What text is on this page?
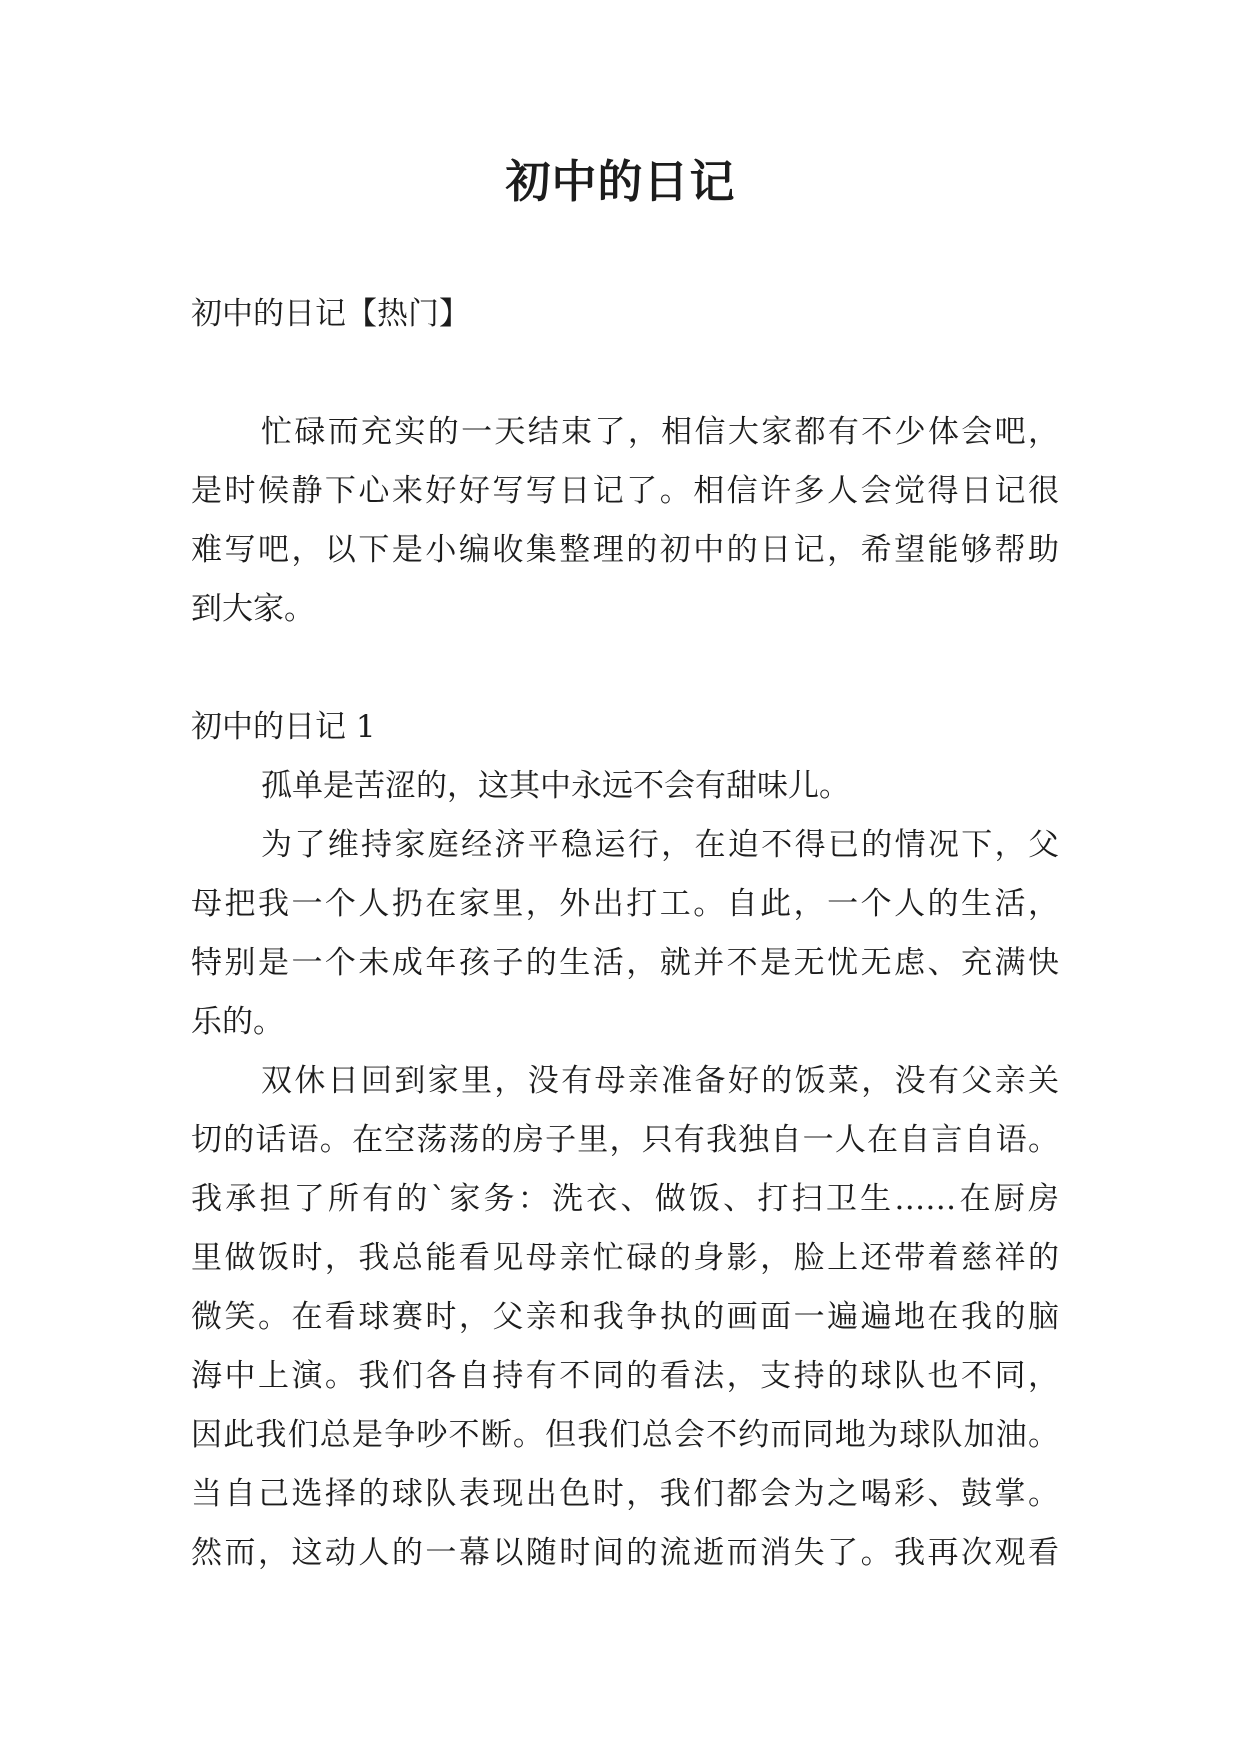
初中的日记
初中的日记【热门】
忙碌而充实的一天结束了，相信大家都有不少体会吧，
是时候静下心来好好写写日记了。相信许多人会觉得日记很
难写吧，以下是小编收集整理的初中的日记，希望能够帮助
到大家。
初中的日记 1
孤单是苦涩的，这其中永远不会有甜味儿。
为了维持家庭经济平稳运行，在迫不得已的情况下，父
母把我一个人扔在家里，外出打工。自此，一个人的生活，
特别是一个未成年孩子的生活，就并不是无忧无虑、充满快
乐的。
双休日回到家里，没有母亲准备好的饭菜，没有父亲关
切的话语。在空荡荡的房子里，只有我独自一人在自言自语。
我承担了所有的`家务：洗衣、做饭、打扫卫生……在厨房
里做饭时，我总能看见母亲忙碌的身影，脸上还带着慈祥的
微笑。在看球赛时，父亲和我争执的画面一遍遍地在我的脑
海中上演。我们各自持有不同的看法，支持的球队也不同，
因此我们总是争吵不断。但我们总会不约而同地为球队加油。
当自己选择的球队表现出色时，我们都会为之喝彩、鼓掌。
然而，这动人的一幕以随时间的流逝而消失了。我再次观看
